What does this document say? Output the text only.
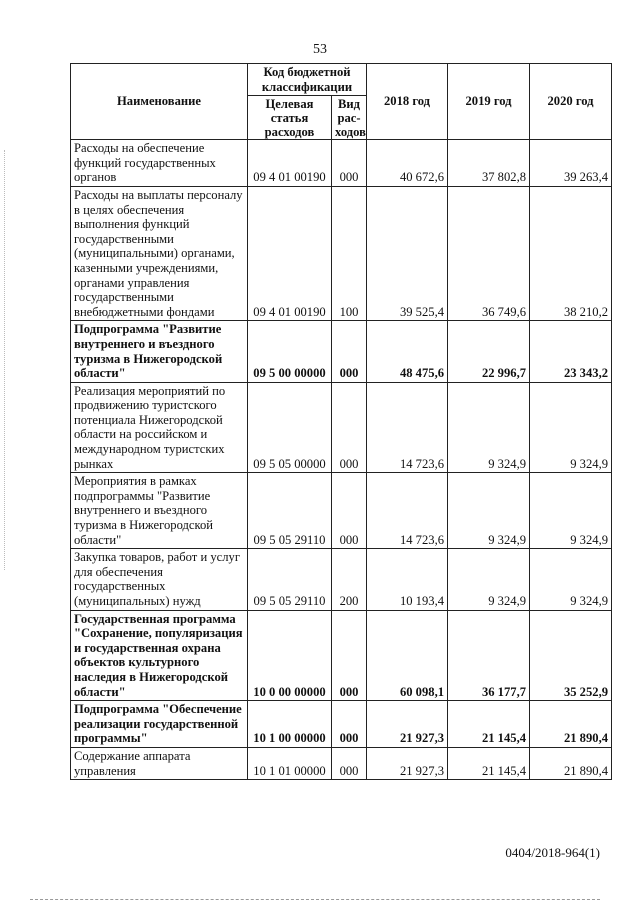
53
Наименование	Код бюджетной классификации		2018 год	2019 год	2020 год
	Целевая статья расходов	Вид рас-ходов			
Расходы на обеспечение функций государственных органов	09 4 01 00190	000	40 672,6	37 802,8	39 263,4
Расходы на выплаты персоналу в целях обеспечения выполнения функций государственными (муниципальными) органами, казенными учреждениями, органами управления государственными внебюджетными фондами	09 4 01 00190	100	39 525,4	36 749,6	38 210,2
Подпрограмма "Развитие внутреннего и въездного туризма в Нижегородской области"	09 5 00 00000	000	48 475,6	22 996,7	23 343,2
Реализация мероприятий по продвижению туристского потенциала Нижегородской области на российском и международном туристских рынках	09 5 05 00000	000	14 723,6	9 324,9	9 324,9
Мероприятия в рамках подпрограммы "Развитие внутреннего и въездного туризма в Нижегородской области"	09 5 05 29110	000	14 723,6	9 324,9	9 324,9
Закупка товаров, работ и услуг для обеспечения государственных (муниципальных) нужд	09 5 05 29110	200	10 193,4	9 324,9	9 324,9
Государственная программа "Сохранение, популяризация и государственная охрана объектов культурного наследия в Нижегородской области"	10 0 00 00000	000	60 098,1	36 177,7	35 252,9
Подпрограмма "Обеспечение реализации государственной программы"	10 1 00 00000	000	21 927,3	21 145,4	21 890,4
Содержание аппарата управления	10 1 01 00000	000	21 927,3	21 145,4	21 890,4
0404/2018-964(1)
